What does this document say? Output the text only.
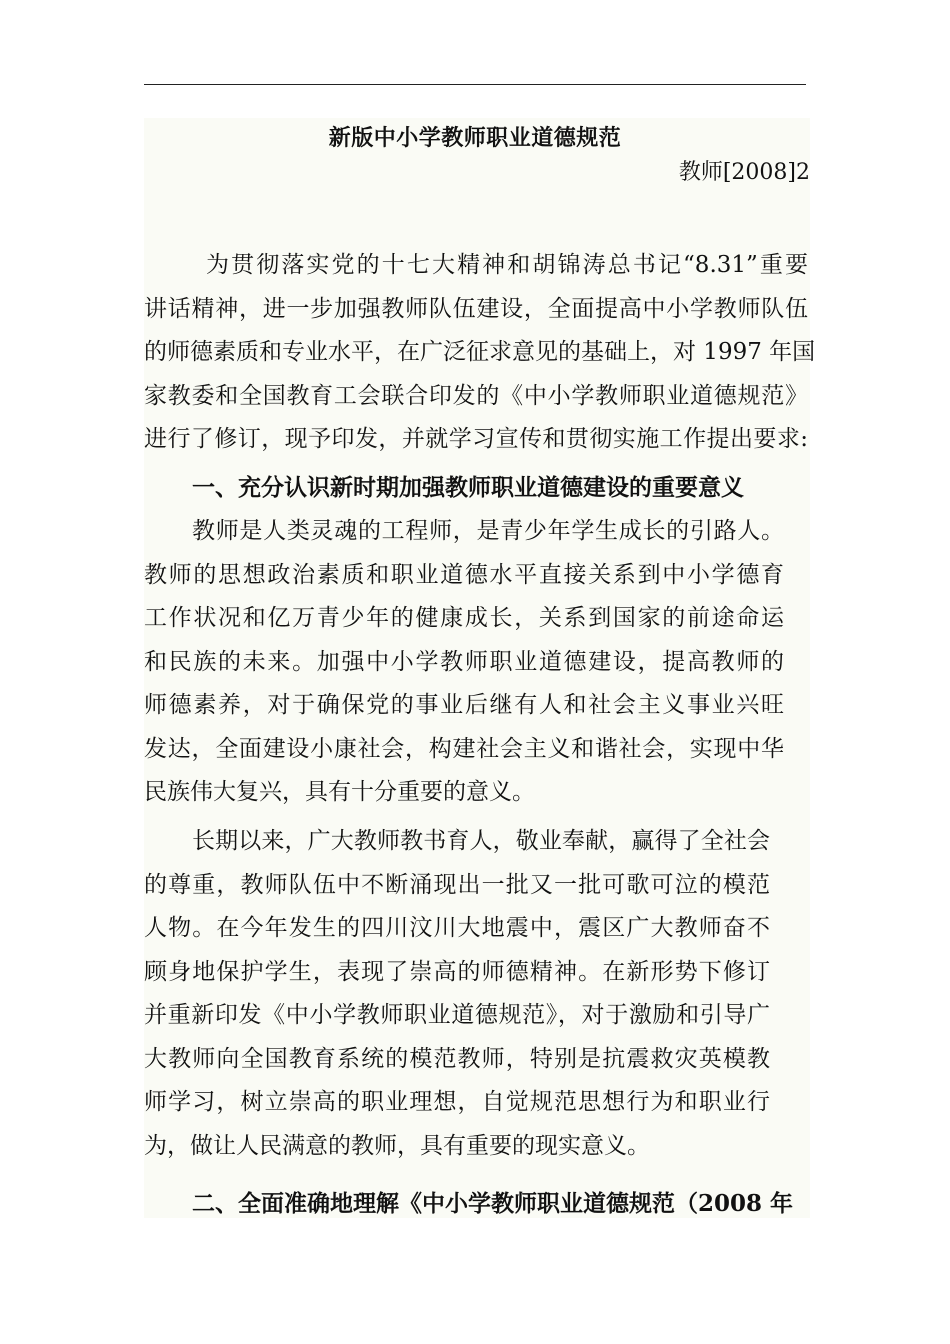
新版中小学教师职业道德规范
教师[2008]2
为贯彻落实党的十七大精神和胡锦涛总书记“8.31”重要
讲话精神，进一步加强教师队伍建设，全面提高中小学教师队伍
的师德素质和专业水平，在广泛征求意见的基础上，对 1997 年国
家教委和全国教育工会联合印发的《中小学教师职业道德规范》
进行了修订，现予印发，并就学习宣传和贯彻实施工作提出要求:
一、充分认识新时期加强教师职业道德建设的重要意义
教师是人类灵魂的工程师，是青少年学生成长的引路人。
教师的思想政治素质和职业道德水平直接关系到中小学德育
工作状况和亿万青少年的健康成长，关系到国家的前途命运
和民族的未来。加强中小学教师职业道德建设，提高教师的
师德素养，对于确保党的事业后继有人和社会主义事业兴旺
发达，全面建设小康社会，构建社会主义和谐社会，实现中华
民族伟大复兴，具有十分重要的意义。
长期以来，广大教师教书育人，敬业奉献，赢得了全社会
的尊重，教师队伍中不断涌现出一批又一批可歌可泣的模范
人物。在今年发生的四川汶川大地震中，震区广大教师奋不
顾身地保护学生，表现了崇高的师德精神。在新形势下修订
并重新印发《中小学教师职业道德规范》，对于激励和引导广
大教师向全国教育系统的模范教师，特别是抗震救灾英模教
师学习，树立崇高的职业理想，自觉规范思想行为和职业行
为，做让人民满意的教师，具有重要的现实意义。
二、全面准确地理解《中小学教师职业道德规范（2008 年
